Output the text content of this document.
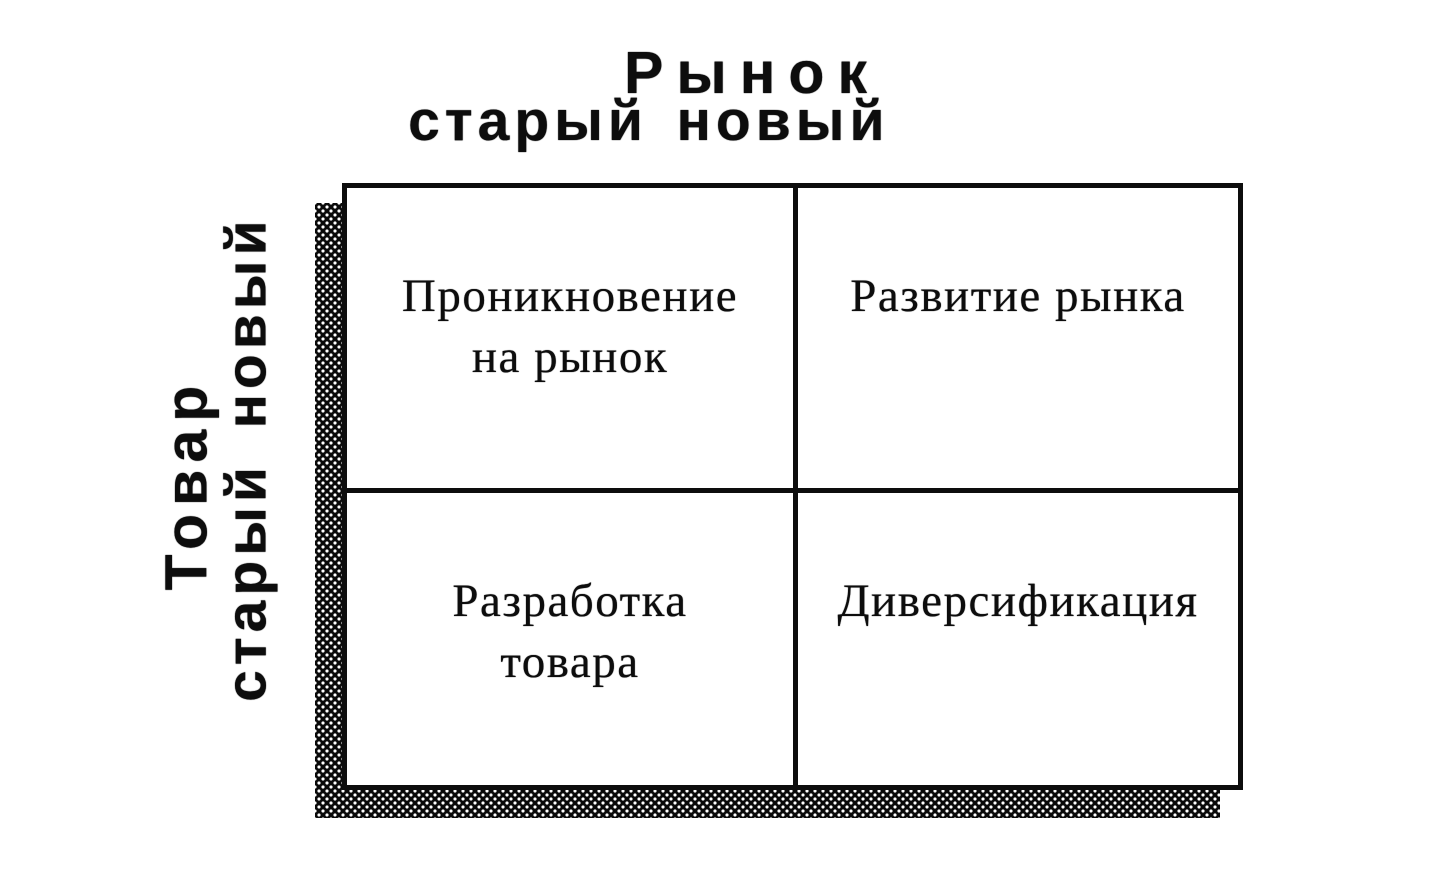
Рынок
старый новый
Товар
старый
новый	Проникновение
на рынок
Развитие рынка
Разработка
товара
Диверсификация
